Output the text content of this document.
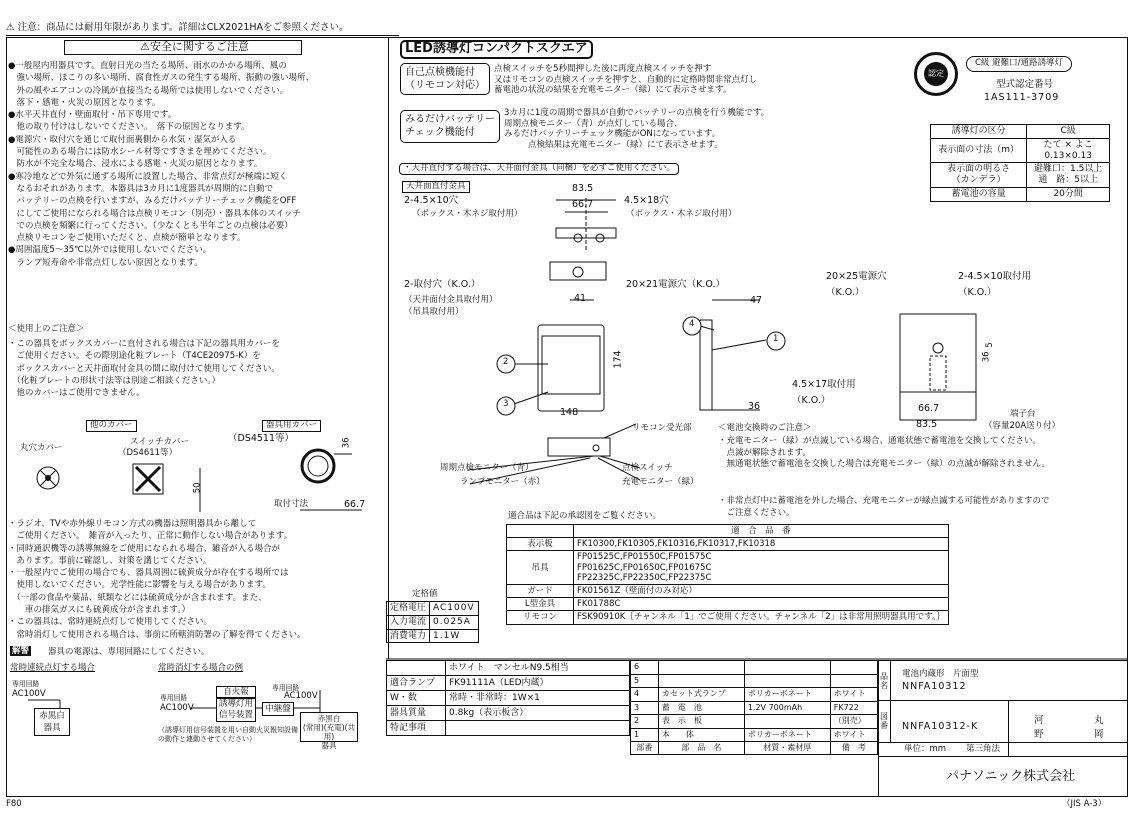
⚠ 注意：商品には耐用年限があります。詳細はCLX2021HAをご参照ください。
⚠安全に関するご注意
●一般屋内用器具です。直射日光の当たる場所、雨水のかかる場所、風の
　強い場所、ほこりの多い場所、腐食性ガスの発生する場所、振動の強い場所、
　外の風やエアコンの冷風が直接当たる場所では使用しないでください。
　落下・感電・火災の原因となります。
●水平天井直付・壁面取付・吊下専用です。
　他の取り付けはしないでください。　落下の原因となります。
●電源穴・取付穴を通じて取付面裏側から水気・湿気が入る
　可能性のある場合には防水シール材等ですきまを埋めてください。
　防水が不完全な場合、浸水による感電・火災の原因となります。
●寒冷地などで外気に通ずる場所に設置した場合、非常点灯が極端に短く
　なるおそれがあります。本器具は3カ月に1度器具が周期的に自動で
　バッテリーの点検を行いますが、みるだけバッテリーチェック機能をOFF
　にしてご使用になられる場合は点検リモコン（別売）・器具本体のスイッチ
　での点検を頻繁に行ってください。（少なくとも半年ごとの点検は必要）
　点検リモコンをご使用いただくと、点検が簡単となります。
●周囲温度5～35℃以外では使用しないでください。
　ランプ短寿命や非常点灯しない原因となります。
＜使用上のご注意＞
・この器具をボックスカバーに直付される場合は下記の器具用カバーを
　ご使用ください。その際別途化粧プレート（T4CE20975-K）を
　ボックスカバーと天井面取付金具の間に取付けて使用してください。
　（化粧プレートの形状寸法等は別途ご相談ください。）
　他のカバーはご使用できません。
他のカバー	器具用カバー
丸穴カバー
スイッチカバー
（DS4611等）
（DS4511等）	36
50
取付寸法	66.7
・ラジオ、TVや赤外線リモコン方式の機器は照明器具から離して
　ご使用ください。　雑音が入ったり、正常に動作しない場合があります。
・同時通訳機等の誘導無線をご使用になられる場合、雑音が入る場合が
　あります。事前に確認し、対策を講じてください。
・一般屋内でご使用の場合でも、器具周囲に硫黄成分が存在する場所では
　使用しないでください。光学性能に影響を与える場合があります。
　（一部の食品や薬品、紙類などには硫黄成分が含まれます。また、
　　車の排気ガスにも硫黄成分が含まれます。）
・この器具は、常時連続点灯して使用してください。
　常時消灯して使用される場合は、事前に所轄消防署の了解を得てください。
解警 器具の電源は、専用回路にしてください。
常時連続点灯する場合	常時消灯する場合の例
専用回路
AC100V	専用回路
AC100V
専用回路
AC100V
自火報
誘導灯用信号装置
中継盤
赤黒白
器具
赤黒白
(常用)(充電)(共用)
器具
（誘導灯用信号装置を用い自動火災報知設備の動作と連動させてください）
LED誘導灯コンパクトスクエア
自己点検機能付
（リモコン対応）
点検スイッチを5秒間押した後に再度点検スイッチを押す
又はリモコンの点検スイッチを押すと、自動的に定格時間非常点灯し
蓄電池の状況の結果を充電モニター（緑）にて表示させます。
みるだけバッテリー
チェック機能付
3カ月に1度の周期で器具が自動でバッテリーの点検を行う機能です。
周期点検モニター（青）が点灯している場合、
みるだけバッテリーチェック機能がONになっています。
点検結果は充電モニター（緑）にて表示させます。
・天井直付する場合は、天井面付金具（同梱）を必ずご使用ください。
天井面直付金具
認定
C級 避難口/通路誘導灯
型式認定番号
1AS111-3709
誘導灯の区分	C級
表示面の寸法（m）	たて × よこ
0.13×0.13
表示面の明るさ
（カンデラ）	避難口：1.5以上
通　路：5以上
蓄電池の容量	20分間
83.5
66.7
2-4.5×10穴
（ボックス・木ネジ取付用）
4.5×18穴
（ボックス・木ネジ取付用）
2-取付穴（K.O.）
（天井面付金具取付用）
（吊具取付用）
41
20×21電源穴（K.O.）
47
174
148
36
2
3
4
1
リモコン受光部
周期点検モニター（青）
ランプモニター（赤）
点検スイッチ
充電モニター（緑）
20×25電源穴
（K.O.）
2-4.5×10取付用
（K.O.）
5
36
4.5×17取付用
（K.O.）
66.7
83.5
端子台
（容量20A送り付）
＜電池交換時のご注意＞
・充電モニター（緑）が点滅している場合、通電状態で蓄電池を交換してください。
　点滅が解除されます。
　無通電状態で蓄電池を交換した場合は充電モニター（緑）の点滅が解除されません。
・非常点灯中に蓄電池を外した場合、充電モニターが緑点滅する可能性がありますので
　ご注意ください。
適合品は下記の承認図をご覧ください。
	適　合　品　番
表示板	FK10300,FK10305,FK10316,FK10317,FK10318
吊具	FP01525C,FP01550C,FP01575C
FP01625C,FP01650C,FP01675C
FP22325C,FP22350C,FP22375C
ガード	FK01561Z（壁面付のみ対応）
L型金具	FK01788C
リモコン	FSK90910K｛チャンネル「1」でご使用ください。チャンネル「2」は非常用照明器具用です。｝
定格値
定格電圧	AC100V
入力電流	0.025A
消費電力	1.1W
	ホワイト　マンセルN9.5相当
適合ランプ	FK91111A（LED内蔵）
W・数	常時・非常時：1W×1
器具質量	0.8kg（表示板含）
特記事項	
6			
5			
4	カセット式ランプ	ポリカーボネート	ホワイト
3	蓄　電　池	1.2V 700mAh	FK722
2	表　示　板		（別売）
1	本　　体	ポリカーボネート	ホワイト
部番	部　品　名	材質・素材厚	備　考
品名
電池内蔵形　片面型
NNFA10312
図番 NNFA10312-K
河	丸
野	岡
単位：mm 第三角法
パナソニック株式会社
F80	（JIS A-3）
